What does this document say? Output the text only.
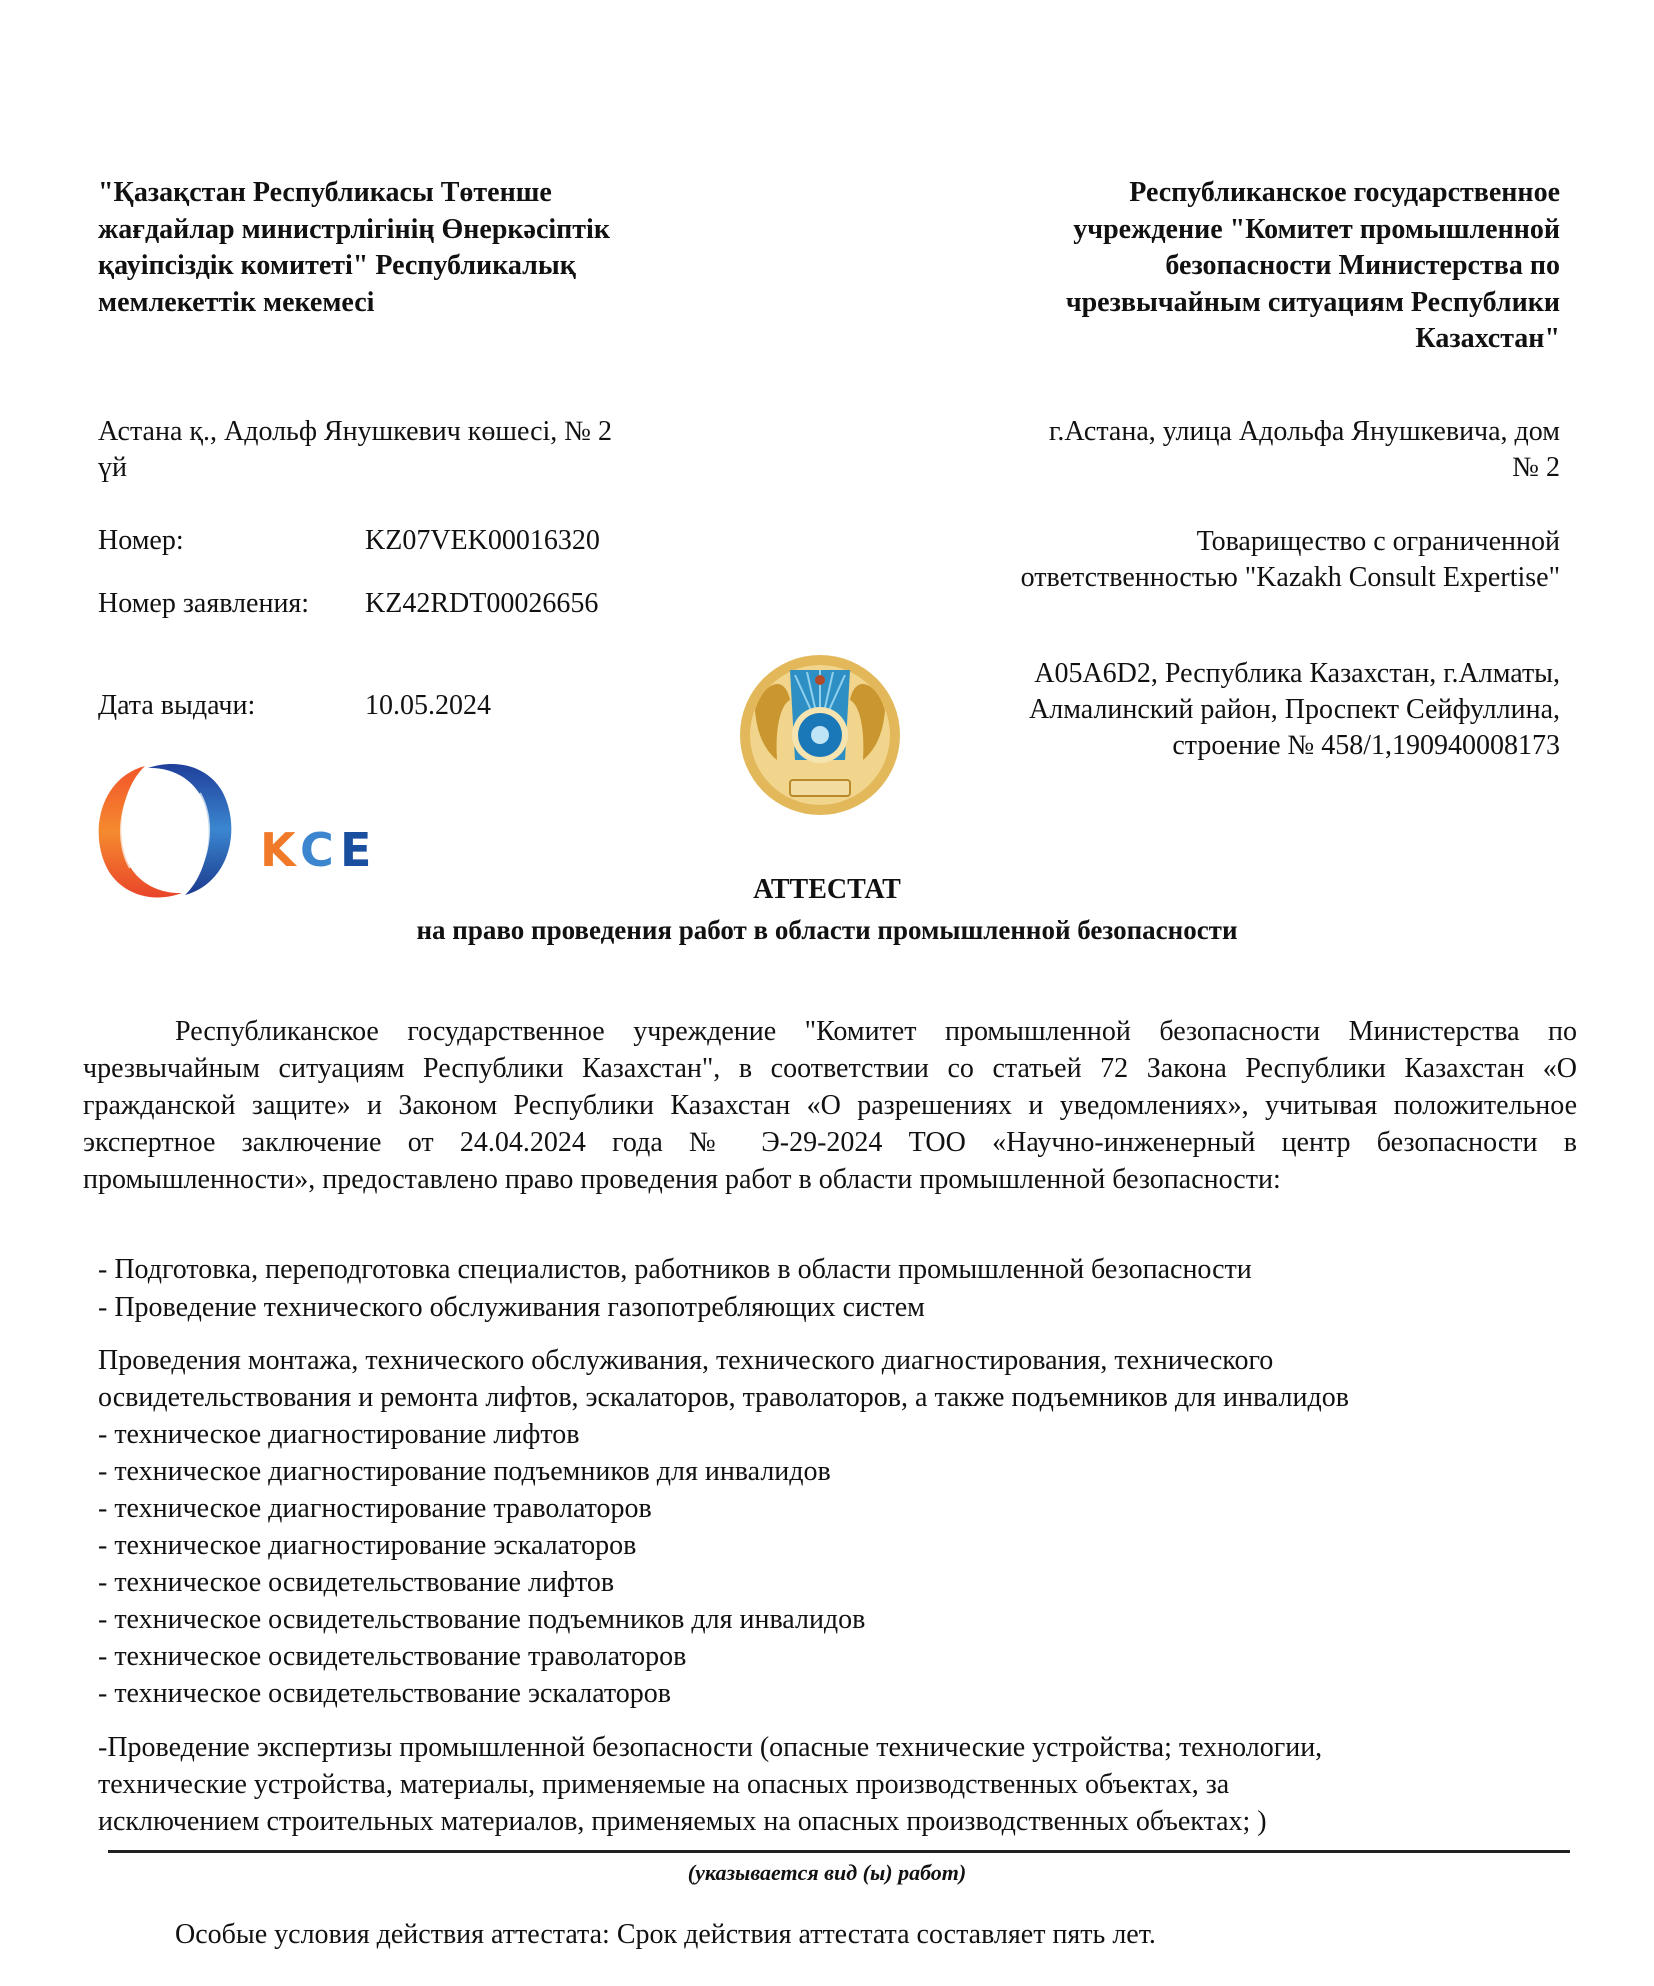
"Қазақстан Республикасы Төтенше
жағдайлар министрлігінің Өнеркәсіптік
қауіпсіздік комитеті" Республикалық
мемлекеттік мекемесі
Республиканское государственное
учреждение "Комитет промышленной
безопасности Министерства по
чрезвычайным ситуациям Республики
Казахстан"
Астана қ., Адольф Янушкевич көшесі, № 2
үй
г.Астана, улица Адольфа Янушкевича, дом
№ 2
Номер:	KZ07VEK00016320
Номер заявления: KZ42RDT00026656
Дата выдачи:	10.05.2024
Товарищество с ограниченной
ответственностью "Kazakh Consult Expertise"
A05A6D2, Республика Казахстан, г.Алматы,
Алмалинский район, Проспект Сейфуллина,
строение № 458/1,190940008173
K C E
АТТЕСТАТ
на право проведения работ в области промышленной безопасности
Республиканское государственное учреждение "Комитет промышленной безопасности Министерства по чрезвычайным ситуациям Республики Казахстан", в соответствии со статьей 72 Закона Республики Казахстан «О гражданской защите» и Законом Республики Казахстан «О разрешениях и уведомлениях», учитывая положительное экспертное заключение от 24.04.2024 года № Э-29-2024 ТОО «Научно-инженерный центр безопасности в промышленности», предоставлено право проведения работ в области промышленной безопасности:
- Подготовка, переподготовка специалистов, работников в области промышленной безопасности
- Проведение технического обслуживания газопотребляющих систем
Проведения монтажа, технического обслуживания, технического диагностирования, технического
освидетельствования и ремонта лифтов, эскалаторов, траволаторов, а также подъемников для инвалидов
- техническое диагностирование лифтов
- техническое диагностирование подъемников для инвалидов
- техническое диагностирование траволаторов
- техническое диагностирование эскалаторов
- техническое освидетельствование лифтов
- техническое освидетельствование подъемников для инвалидов
- техническое освидетельствование траволаторов
- техническое освидетельствование эскалаторов
-Проведение экспертизы промышленной безопасности (опасные технические устройства; технологии,
технические устройства, материалы, применяемые на опасных производственных объектах, за
исключением строительных материалов, применяемых на опасных производственных объектах; )
(указывается вид (ы) работ)
Особые условия действия аттестата: Срок действия аттестата составляет пять лет.
